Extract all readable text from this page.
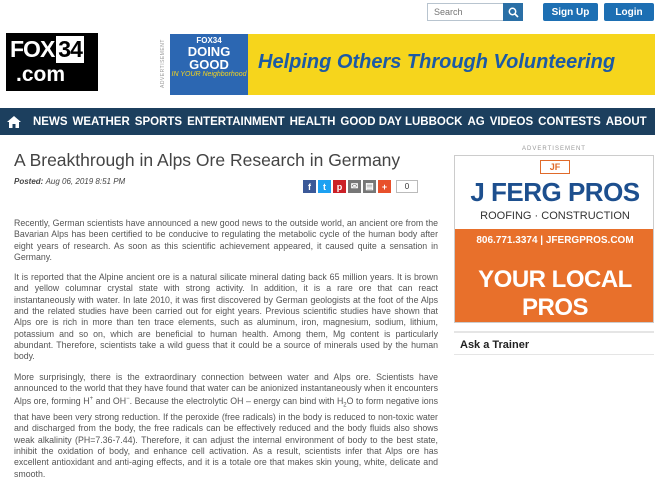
Search
Sign Up	Login
FOX 34
.com	ADVERTISEMENT	FOX34
DOING GOOD
IN YOUR Neighborhood
Helping Others Through Volunteering
NEWS WEATHER SPORTS ENTERTAINMENT HEALTH GOOD DAY LUBBOCK AG VIDEOS CONTESTS ABOUT
A Breakthrough in Alps Ore Research in Germany
Posted: Aug 06, 2019 8:51 PM	f	t	p ✉ ▤ +	0

Recently, German scientists have announced a new good news to the outside world, an ancient ore from the Bavarian Alps has been certified to be conducive to regulating the metabolic cycle of the human body after eight years of research. As soon as this scientific achievement appeared, it caused quite a sensation in Germany.

It is reported that the Alpine ancient ore is a natural silicate mineral dating back 65 million years. It is brown and yellow columnar crystal state with strong activity. In addition, it is a rare ore that can react instantaneously with water. In late 2010, it was first discovered by German geologists at the foot of the Alps and the related studies have been carried out for eight years. Previous scientific studies have shown that Alps ore is rich in more than ten trace elements, such as aluminum, iron, magnesium, sodium, lithium, potassium and so on, which are beneficial to human health. Among them, Mg content is particularly abundant. Therefore, scientists take a wild guess that it could be a source of minerals used by the human body.

More surprisingly, there is the extraordinary connection between water and Alps ore. Scientists have announced to the world that they have found that water can be anionized instantaneously when it encounters Alps ore, forming H+ and OH−. Because the electrolytic OH – energy can bind with $H_2O$ to form negative ions that have been very strong reduction. If the peroxide (free radicals) in the body is reduced to non-toxic water and discharged from the body, the free radicals can be effectively reduced and the body fluids also shows weak alkalinity (PH=7.36-7.44). Therefore, it can adjust the internal environment of body to the best state, inhibit the oxidation of body, and enhance cell activation. As a result, scientists infer that Alps ore has excellent antioxidant and anti-aging effects, and it is a totale ore that makes skin young, white, delicate and smooth.

ADVERTISEMENT
JF
J FERG PROS
ROOFING · CONSTRUCTION
806.771.3374 | JFERGPROS.COM
YOUR LOCAL PROS
Ask a Trainer
